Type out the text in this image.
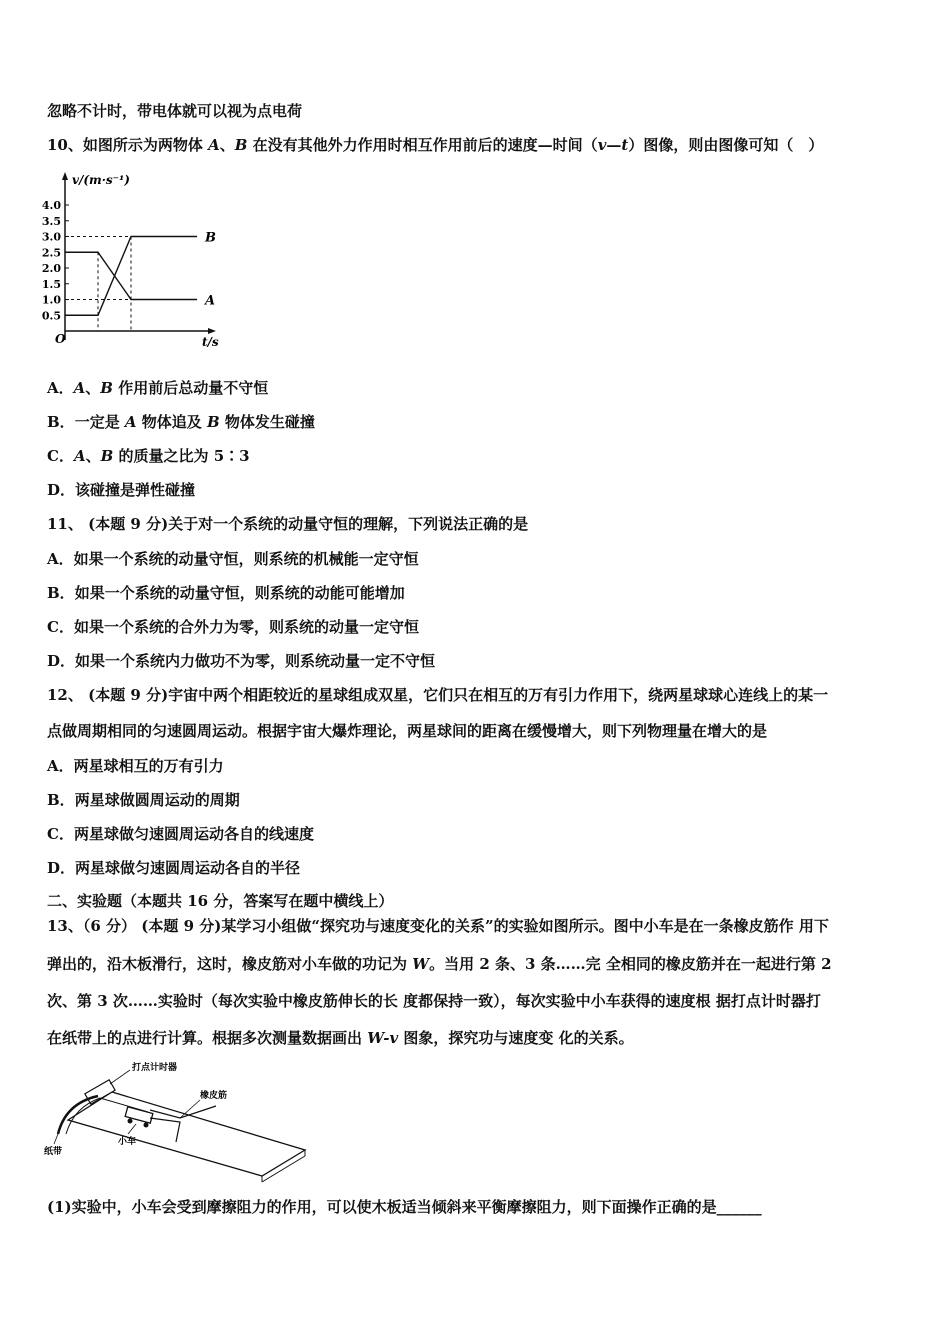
忽略不计时，带电体就可以视为点电荷
10、如图所示为两物体 A、B 在没有其他外力作用时相互作用前后的速度—时间（v—t）图像，则由图像可知（　）
v/(m·s⁻¹)
t/s
O
4.0
3.5
3.0
2.5
2.0
1.5
1.0
0.5
A
B
A．A、B 作用前后总动量不守恒
B．一定是 A 物体追及 B 物体发生碰撞
C．A、B 的质量之比为 5∶3
D．该碰撞是弹性碰撞
11、 (本题 9 分)关于对一个系统的动量守恒的理解，下列说法正确的是
A．如果一个系统的动量守恒，则系统的机械能一定守恒
B．如果一个系统的动量守恒，则系统的动能可能增加
C．如果一个系统的合外力为零，则系统的动量一定守恒
D．如果一个系统内力做功不为零，则系统动量一定不守恒
12、 (本题 9 分)宇宙中两个相距较近的星球组成双星，它们只在相互的万有引力作用下，绕两星球球心连线上的某一
点做周期相同的匀速圆周运动。根据宇宙大爆炸理论，两星球间的距离在缓慢增大，则下列物理量在增大的是
A．两星球相互的万有引力
B．两星球做圆周运动的周期
C．两星球做匀速圆周运动各自的线速度
D．两星球做匀速圆周运动各自的半径
二、实验题（本题共 16 分，答案写在题中横线上）
13、（6 分） (本题 9 分)某学习小组做“探究功与速度变化的关系”的实验如图所示。图中小车是在一条橡皮筋作 用下
弹出的，沿木板滑行，这时，橡皮筋对小车做的功记为 W。当用 2 条、3 条……完 全相同的橡皮筋并在一起进行第 2
次、第 3 次……实验时（每次实验中橡皮筋伸长的长 度都保持一致），每次实验中小车获得的速度根 据打点计时器打
在纸带上的点进行计算。根据多次测量数据画出 W-v 图象，探究功与速度变 化的关系。
打点计时器
橡皮筋
纸带
小车
(1)实验中，小车会受到摩擦阻力的作用，可以使木板适当倾斜来平衡摩擦阻力，则下面操作正确的是______
